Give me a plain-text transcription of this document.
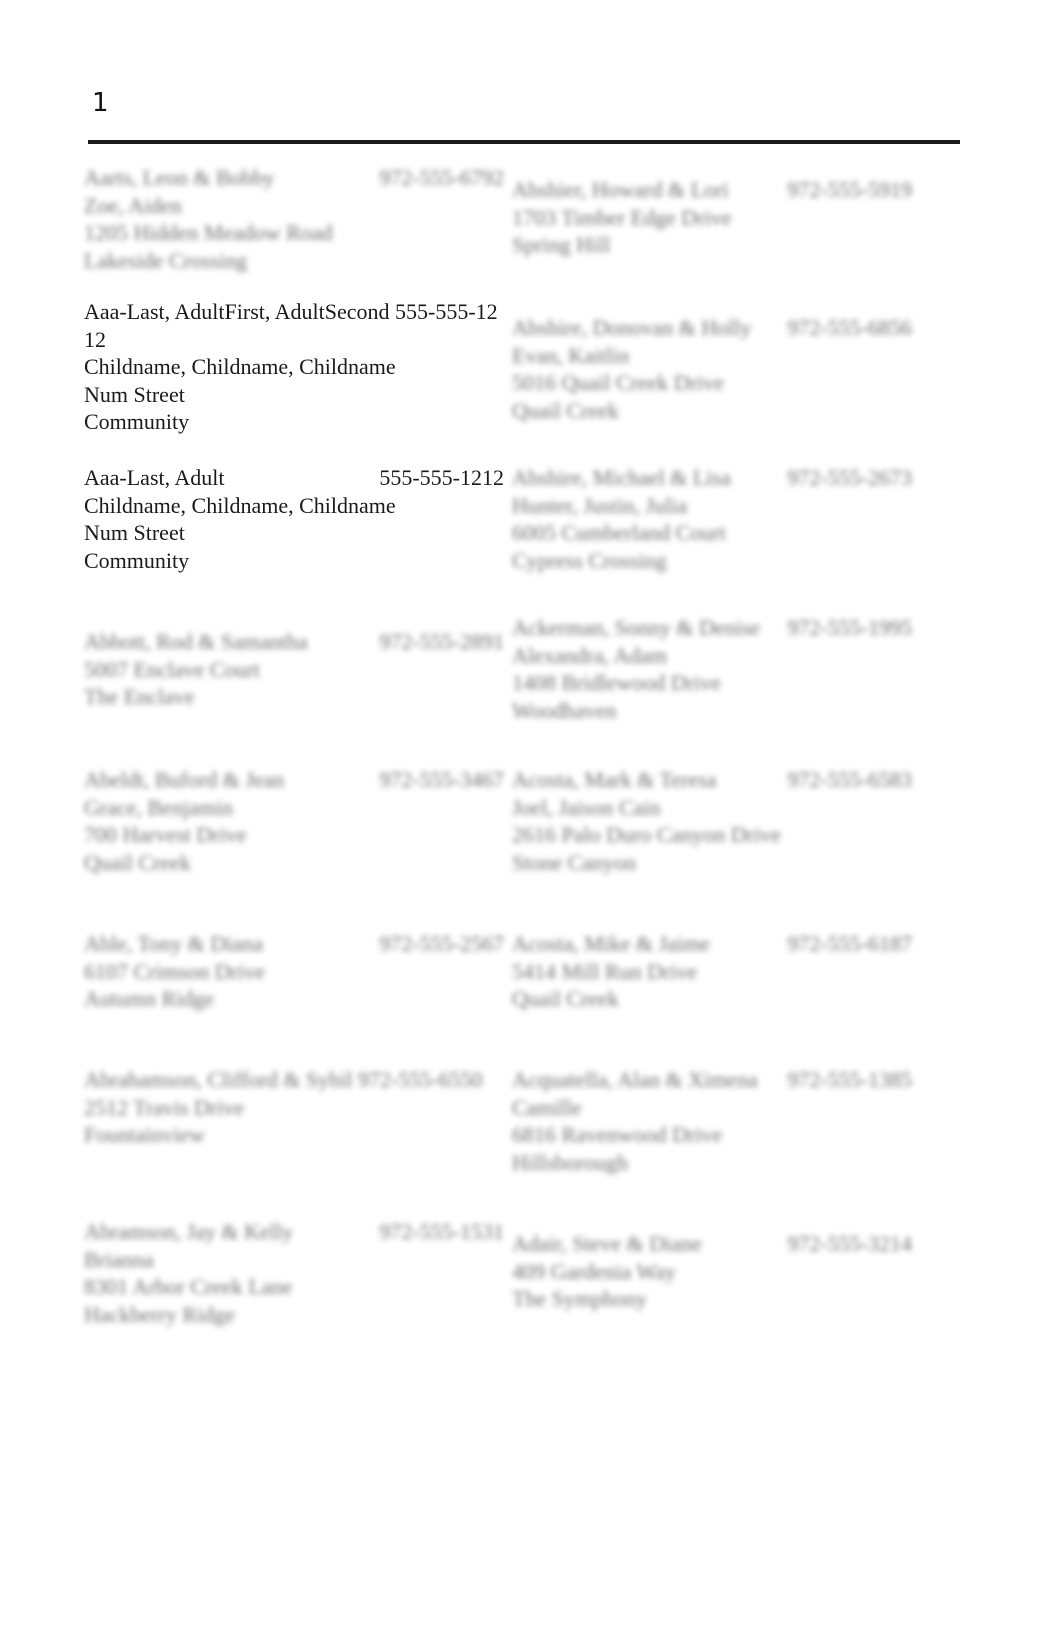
1
Aarts, Leon & Bobby	972-555-6792
Zoe, Aiden
1205 Hidden Meadow Road
Lakeside Crossing
Aaa-Last, AdultFirst, AdultSecond 555-555-1212
Childname, Childname, Childname
Num Street
Community
Aaa-Last, Adult	555-555-1212
Childname, Childname, Childname
Num Street
Community
Abbott, Rod & Samantha	972-555-2891
5007 Enclave Court
The Enclave
Abeldt, Buford & Jean	972-555-3467
Grace, Benjamin
700 Harvest Drive
Quail Creek
Able, Tony & Diana	972-555-2567
6107 Crimson Drive
Autumn Ridge
Abrahamson, Clifford & Sybil 972-555-6550
2512 Travis Drive
Fountainview
Abramson, Jay & Kelly	972-555-1531
Brianna
8301 Arbor Creek Lane
Hackberry Ridge
Abshier, Howard & Lori	972-555-5919
1703 Timber Edge Drive
Spring Hill
Abshire, Donovan & Holly 972-555-6856
Evan, Kaitlin
5016 Quail Creek Drive
Quail Creek
Abshire, Michael & Lisa	972-555-2673
Hunter, Justin, Julia
6005 Cumberland Court
Cypress Crossing
Ackerman, Sonny & Denise 972-555-1995
Alexandra, Adam
1408 Bridlewood Drive
Woodhaven
Acosta, Mark & Teresa	972-555-6583
Joel, Jaison Cain
2616 Palo Duro Canyon Drive
Stone Canyon
Acosta, Mike & Jaime	972-555-6187
5414 Mill Run Drive
Quail Creek
Acquatella, Alan & Ximena 972-555-1385
Camille
6816 Ravenwood Drive
Hillsborough
Adair, Steve & Diane	972-555-3214
409 Gardenia Way
The Symphony
